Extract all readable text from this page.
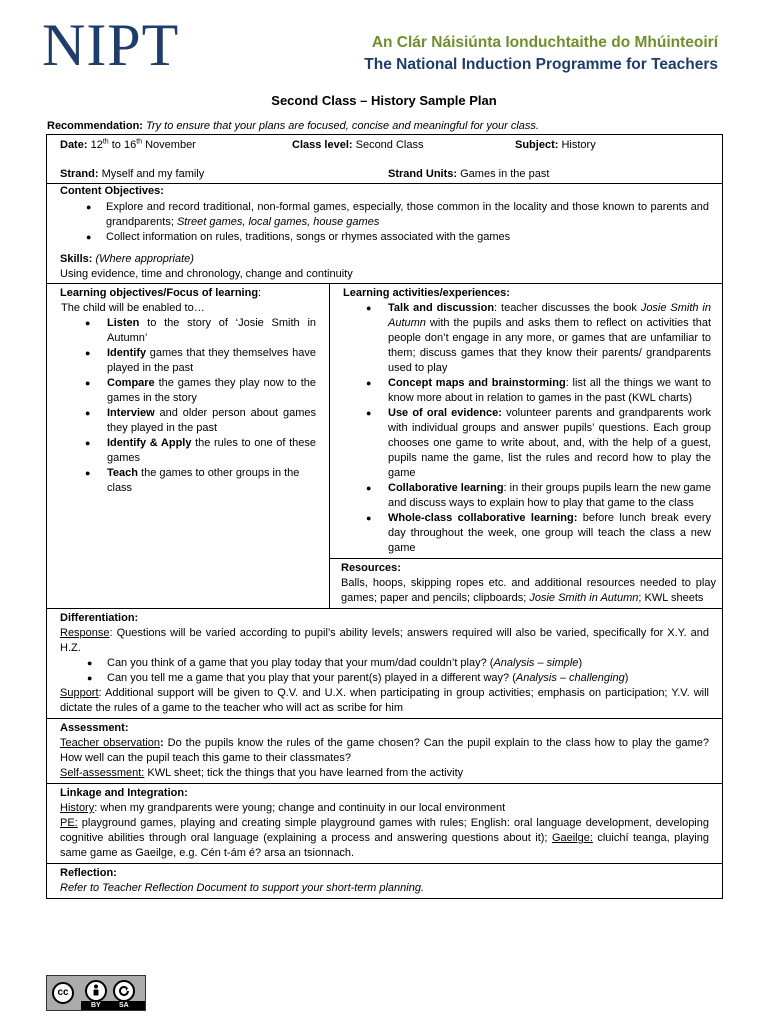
NIPT	An Clár Náisiúnta Ionduchtaithe do Mhúinteoirí
The National Induction Programme for Teachers
Second Class – History Sample Plan
Recommendation: Try to ensure that your plans are focused, concise and meaningful for your class.
Date: 12th to 16th November	Class level: Second Class	Subject: History
Strand: Myself and my family	Strand Units: Games in the past
Content Objectives:
● Explore and record traditional, non-formal games, especially, those common in the locality and those known to parents and grandparents; Street games, local games, house games
● Collect information on rules, traditions, songs or rhymes associated with the games
Skills: (Where appropriate)
Using evidence, time and chronology, change and continuity
Learning objectives/Focus of learning:
The child will be enabled to…
● Listen to the story of ‘Josie Smith in Autumn’
● Identify games that they themselves have played in the past
● Compare the games they play now to the games in the story
● Interview and older person about games they played in the past
● Identify & Apply the rules to one of these games
● Teach the games to other groups in the class
Learning activities/experiences:
● Talk and discussion: teacher discusses the book Josie Smith in Autumn with the pupils and asks them to reflect on activities that people don’t engage in any more, or games that are unfamiliar to them; discuss games that they know their parents/ grandparents used to play
● Concept maps and brainstorming: list all the things we want to know more about in relation to games in the past (KWL charts)
● Use of oral evidence: volunteer parents and grandparents work with individual groups and answer pupils’ questions. Each group chooses one game to write about, and, with the help of a guest, pupils name the game, list the rules and record how to play the game
● Collaborative learning: in their groups pupils learn the new game and discuss ways to explain how to play that game to the class
● Whole-class collaborative learning: before lunch break every day throughout the week, one group will teach the class a new game
Resources:
Balls, hoops, skipping ropes etc. and additional resources needed to play games; paper and pencils; clipboards; Josie Smith in Autumn; KWL sheets
Differentiation:
Response: Questions will be varied according to pupil’s ability levels; answers required will also be varied, specifically for X.Y. and H.Z.
● Can you think of a game that you play today that your mum/dad couldn’t play? (Analysis – simple)
● Can you tell me a game that you play that your parent(s) played in a different way? (Analysis – challenging)
Support: Additional support will be given to Q.V. and U.X. when participating in group activities; emphasis on participation; Y.V. will dictate the rules of a game to the teacher who will act as scribe for him
Assessment:
Teacher observation: Do the pupils know the rules of the game chosen? Can the pupil explain to the class how to play the game? How well can the pupil teach this game to their classmates?
Self-assessment: KWL sheet; tick the things that you have learned from the activity
Linkage and Integration:
History: when my grandparents were young; change and continuity in our local environment
PE: playground games, playing and creating simple playground games with rules; English: oral language development, developing cognitive abilities through oral language (explaining a process and answering questions about it); Gaeilge: cluichí teanga, playing same game as Gaeilge, e.g. Cén t-ám é? arsa an tsionnach.
Reflection:
Refer to Teacher Reflection Document to support your short-term planning.
cc
BY	SA
